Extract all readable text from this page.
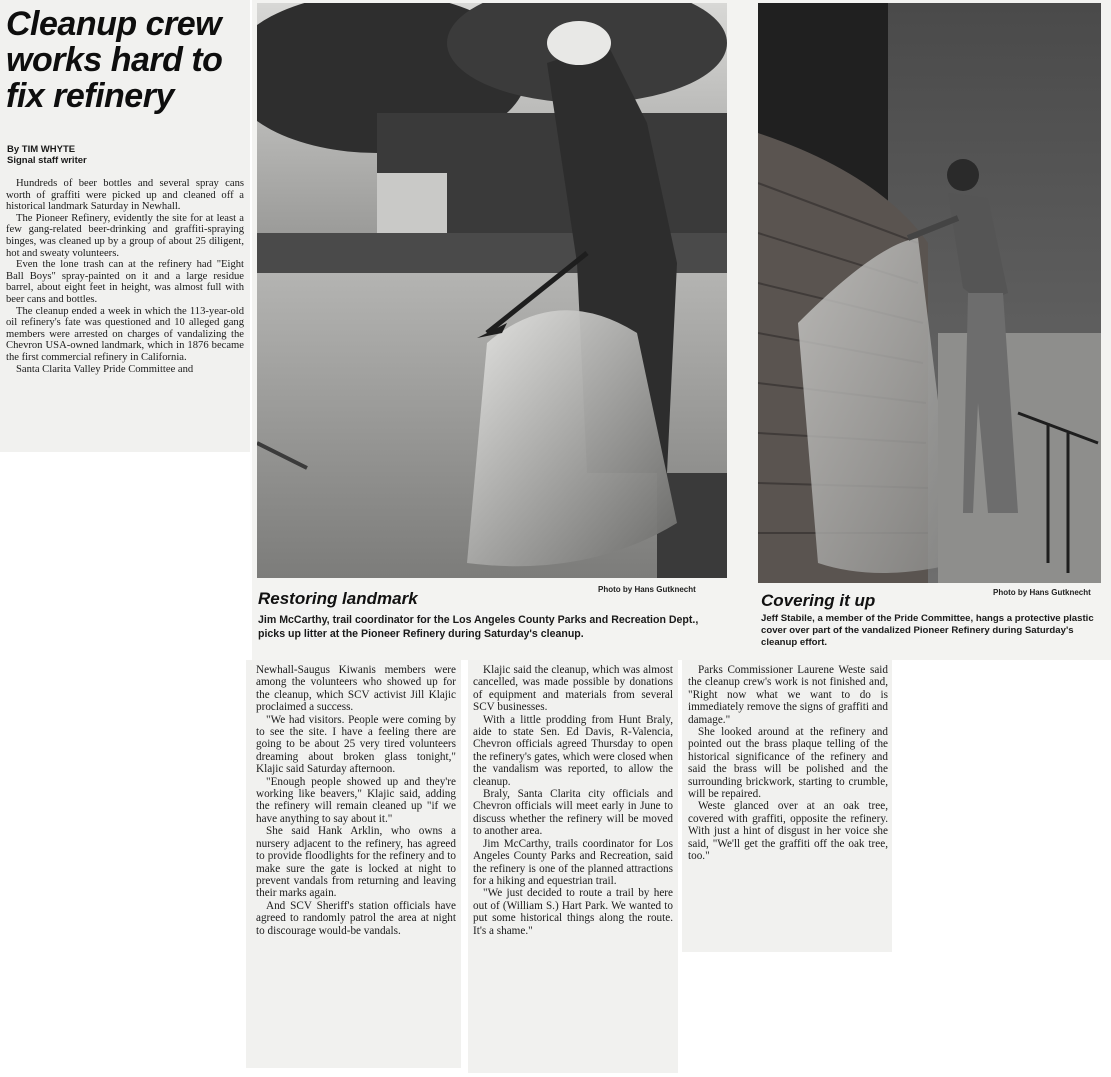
Cleanup crew works hard to fix refinery
By TIM WHYTE
Signal staff writer

Hundreds of beer bottles and several spray cans worth of graffiti were picked up and cleaned off a historical landmark Saturday in Newhall.

The Pioneer Refinery, evidently the site for at least a few gang-related beer-drinking and graffiti-spraying binges, was cleaned up by a group of about 25 diligent, hot and sweaty volunteers.

Even the lone trash can at the refinery had "Eight Ball Boys" spray-painted on it and a large residue barrel, about eight feet in height, was almost full with beer cans and bottles.

The cleanup ended a week in which the 113-year-old oil refinery's fate was questioned and 10 alleged gang members were arrested on charges of vandalizing the Chevron USA-owned landmark, which in 1876 became the first commercial refinery in California.

Santa Clarita Valley Pride Committee and

Photo by Hans Gutknecht	Photo by Hans Gutknecht
Restoring landmark
Jim McCarthy, trail coordinator for the Los Angeles County Parks and Recreation Dept., picks up litter at the Pioneer Refinery during Saturday's cleanup.
Covering it up
Jeff Stabile, a member of the Pride Committee, hangs a protective plastic cover over part of the vandalized Pioneer Refinery during Saturday's cleanup effort.

Newhall-Saugus Kiwanis members were among the volunteers who showed up for the cleanup, which SCV activist Jill Klajic proclaimed a success.

"We had visitors. People were coming by to see the site. I have a feeling there are going to be about 25 very tired volunteers dreaming about broken glass tonight," Klajic said Saturday afternoon.

"Enough people showed up and they're working like beavers," Klajic said, adding the refinery will remain cleaned up "if we have anything to say about it."

She said Hank Arklin, who owns a nursery adjacent to the refinery, has agreed to provide floodlights for the refinery and to make sure the gate is locked at night to prevent vandals from returning and leaving their marks again.

And SCV Sheriff's station officials have agreed to randomly patrol the area at night to discourage would-be vandals.

Klajic said the cleanup, which was almost cancelled, was made possible by donations of equipment and materials from several SCV businesses.

With a little prodding from Hunt Braly, aide to state Sen. Ed Davis, R-Valencia, Chevron officials agreed Thursday to open the refinery's gates, which were closed when the vandalism was reported, to allow the cleanup.

Braly, Santa Clarita city officials and Chevron officials will meet early in June to discuss whether the refinery will be moved to another area.

Jim McCarthy, trails coordinator for Los Angeles County Parks and Recreation, said the refinery is one of the planned attractions for a hiking and equestrian trail.

"We just decided to route a trail by here out of (William S.) Hart Park. We wanted to put some historical things along the route. It's a shame."

Parks Commissioner Laurene Weste said the cleanup crew's work is not finished and, "Right now what we want to do is immediately remove the signs of graffiti and damage."

She looked around at the refinery and pointed out the brass plaque telling of the historical significance of the refinery and said the brass will be polished and the surrounding brickwork, starting to crumble, will be repaired.

Weste glanced over at an oak tree, covered with graffiti, opposite the refinery. With just a hint of disgust in her voice she said, "We'll get the graffiti off the oak tree, too."
